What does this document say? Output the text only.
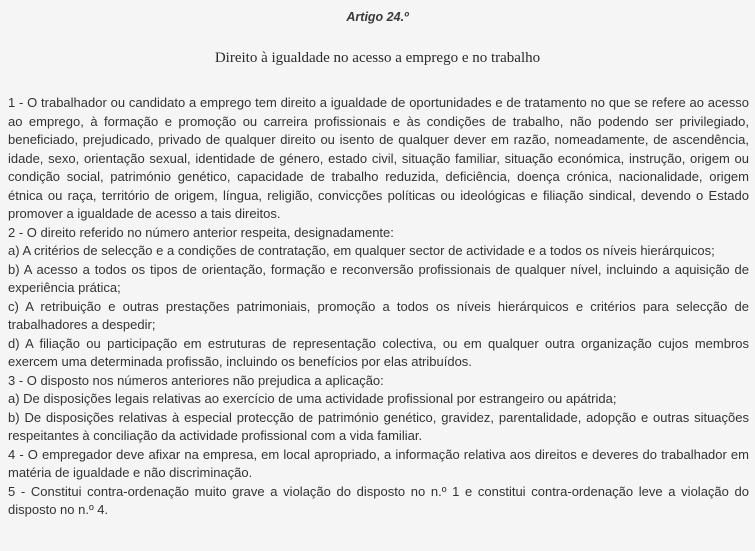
Artigo 24.º
Direito à igualdade no acesso a emprego e no trabalho

1 - O trabalhador ou candidato a emprego tem direito a igualdade de oportunidades e de tratamento no que se refere ao acesso ao emprego, à formação e promoção ou carreira profissionais e às condições de trabalho, não podendo ser privilegiado, beneficiado, prejudicado, privado de qualquer direito ou isento de qualquer dever em razão, nomeadamente, de ascendência, idade, sexo, orientação sexual, identidade de género, estado civil, situação familiar, situação económica, instrução, origem ou condição social, património genético, capacidade de trabalho reduzida, deficiência, doença crónica, nacionalidade, origem étnica ou raça, território de origem, língua, religião, convicções políticas ou ideológicas e filiação sindical, devendo o Estado promover a igualdade de acesso a tais direitos.

2 - O direito referido no número anterior respeita, designadamente:

a) A critérios de selecção e a condições de contratação, em qualquer sector de actividade e a todos os níveis hierárquicos;

b) A acesso a todos os tipos de orientação, formação e reconversão profissionais de qualquer nível, incluindo a aquisição de experiência prática;

c) A retribuição e outras prestações patrimoniais, promoção a todos os níveis hierárquicos e critérios para selecção de trabalhadores a despedir;

d) A filiação ou participação em estruturas de representação colectiva, ou em qualquer outra organização cujos membros exercem uma determinada profissão, incluindo os benefícios por elas atribuídos.

3 - O disposto nos números anteriores não prejudica a aplicação:

a) De disposições legais relativas ao exercício de uma actividade profissional por estrangeiro ou apátrida;

b) De disposições relativas à especial protecção de património genético, gravidez, parentalidade, adopção e outras situações respeitantes à conciliação da actividade profissional com a vida familiar.

4 - O empregador deve afixar na empresa, em local apropriado, a informação relativa aos direitos e deveres do trabalhador em matéria de igualdade e não discriminação.

5 - Constitui contra-ordenação muito grave a violação do disposto no n.º 1 e constitui contra-ordenação leve a violação do disposto no n.º 4.
